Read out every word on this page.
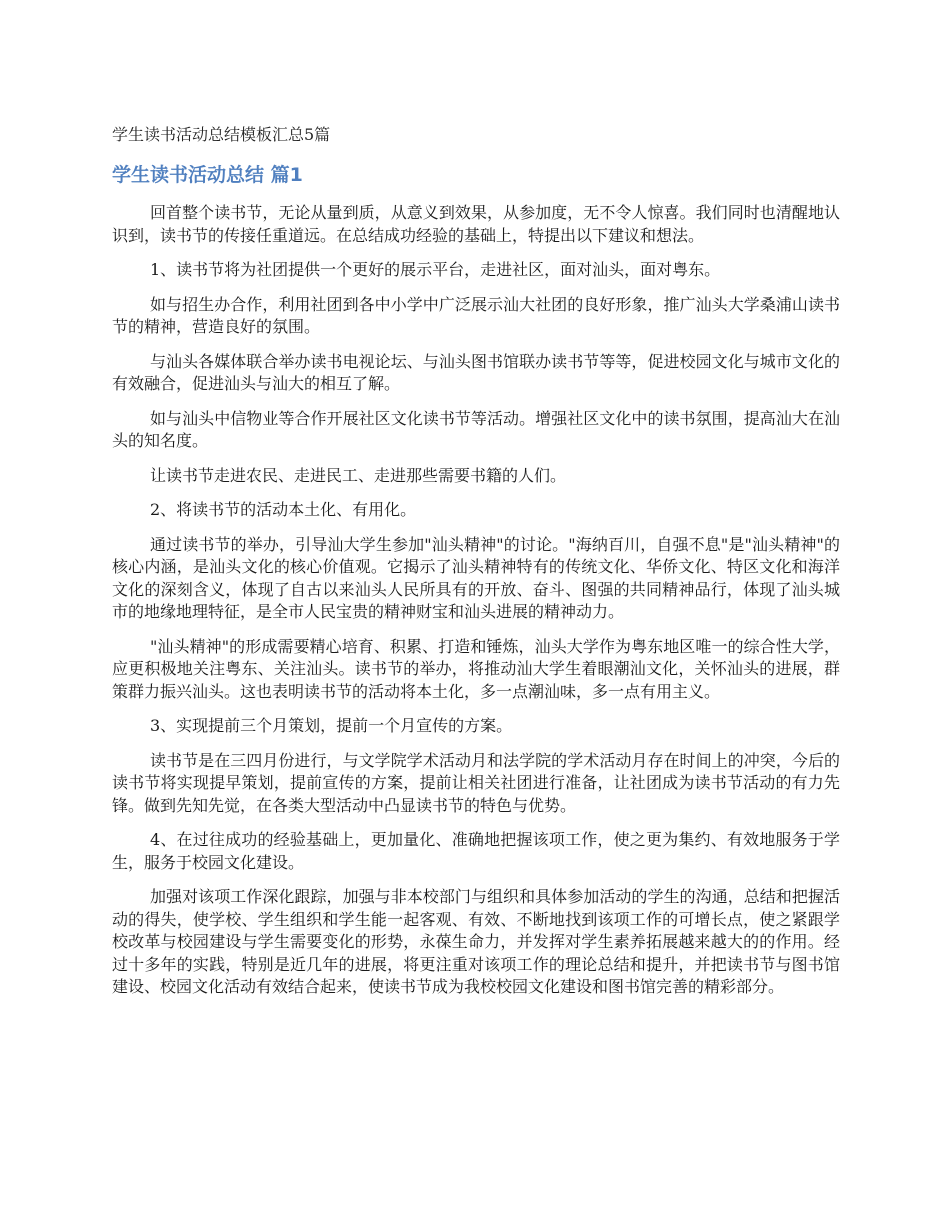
学生读书活动总结模板汇总5篇
学生读书活动总结 篇1

回首整个读书节，无论从量到质，从意义到效果，从参加度，无不令人惊喜。我们同时也清醒地认识到，读书节的传接任重道远。在总结成功经验的基础上，特提出以下建议和想法。

1、读书节将为社团提供一个更好的展示平台，走进社区，面对汕头，面对粤东。

如与招生办合作，利用社团到各中小学中广泛展示汕大社团的良好形象，推广汕头大学桑浦山读书节的精神，营造良好的氛围。

与汕头各媒体联合举办读书电视论坛、与汕头图书馆联办读书节等等，促进校园文化与城市文化的有效融合，促进汕头与汕大的相互了解。

如与汕头中信物业等合作开展社区文化读书节等活动。增强社区文化中的读书氛围，提高汕大在汕头的知名度。

让读书节走进农民、走进民工、走进那些需要书籍的人们。

2、将读书节的活动本土化、有用化。

通过读书节的举办，引导汕大学生参加"汕头精神"的讨论。"海纳百川，自强不息"是"汕头精神"的核心内涵，是汕头文化的核心价值观。它揭示了汕头精神特有的传统文化、华侨文化、特区文化和海洋文化的深刻含义，体现了自古以来汕头人民所具有的开放、奋斗、图强的共同精神品行，体现了汕头城市的地缘地理特征，是全市人民宝贵的精神财宝和汕头进展的精神动力。

"汕头精神"的形成需要精心培育、积累、打造和锤炼，汕头大学作为粤东地区唯一的综合性大学，应更积极地关注粤东、关注汕头。读书节的举办，将推动汕大学生着眼潮汕文化，关怀汕头的进展，群策群力振兴汕头。这也表明读书节的活动将本土化，多一点潮汕味，多一点有用主义。

3、实现提前三个月策划，提前一个月宣传的方案。

读书节是在三四月份进行，与文学院学术活动月和法学院的学术活动月存在时间上的冲突，今后的读书节将实现提早策划，提前宣传的方案，提前让相关社团进行准备，让社团成为读书节活动的有力先锋。做到先知先觉，在各类大型活动中凸显读书节的特色与优势。

4、在过往成功的经验基础上，更加量化、准确地把握该项工作，使之更为集约、有效地服务于学生，服务于校园文化建设。

加强对该项工作深化跟踪，加强与非本校部门与组织和具体参加活动的学生的沟通，总结和把握活动的得失，使学校、学生组织和学生能一起客观、有效、不断地找到该项工作的可增长点，使之紧跟学校改革与校园建设与学生需要变化的形势，永葆生命力，并发挥对学生素养拓展越来越大的的作用。经过十多年的实践，特别是近几年的进展，将更注重对该项工作的理论总结和提升，并把读书节与图书馆建设、校园文化活动有效结合起来，使读书节成为我校校园文化建设和图书馆完善的精彩部分。
